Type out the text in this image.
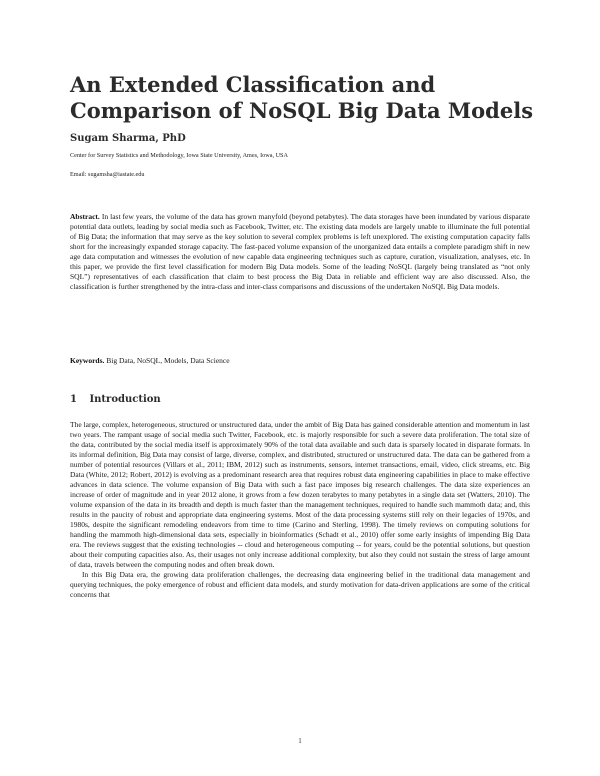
An Extended Classification and Comparison of NoSQL Big Data Models
Sugam Sharma, PhD
Center for Survey Statistics and Methodology, Iowa State University, Ames, Iowa, USA
Email: sugamsha@iastate.edu
Abstract. In last few years, the volume of the data has grown manyfold (beyond petabytes). The data storages have been inundated by various disparate potential data outlets, leading by social media such as Facebook, Twitter, etc. The existing data models are largely unable to illuminate the full potential of Big Data; the information that may serve as the key solution to several complex problems is left unexplored. The existing computation capacity falls short for the increasingly expanded storage capacity. The fast-paced volume expansion of the unorganized data entails a complete paradigm shift in new age data computation and witnesses the evolution of new capable data engineering techniques such as capture, curation, visualization, analyses, etc. In this paper, we provide the first level classification for modern Big Data models. Some of the leading NoSQL (largely being translated as “not only SQL”) representatives of each classification that claim to best process the Big Data in reliable and efficient way are also discussed. Also, the classification is further strengthened by the intra-class and inter-class comparisons and discussions of the undertaken NoSQL Big Data models.
Keywords. Big Data, NoSQL, Models, Data Science
1 Introduction

The large, complex, heterogeneous, structured or unstructured data, under the ambit of Big Data has gained considerable attention and momentum in last two years. The rampant usage of social media such Twitter, Facebook, etc. is majorly responsible for such a severe data proliferation. The total size of the data, contributed by the social media itself is approximately 90% of the total data available and such data is sparsely located in disparate formats. In its informal definition, Big Data may consist of large, diverse, complex, and distributed, structured or unstructured data. The data can be gathered from a number of potential resources (Villars et al., 2011; IBM, 2012) such as instruments, sensors, internet transactions, email, video, click streams, etc. Big Data (White, 2012; Robert, 2012) is evolving as a predominant research area that requires robust data engineering capabilities in place to make effective advances in data science. The volume expansion of Big Data with such a fast pace imposes big research challenges. The data size experiences an increase of order of magnitude and in year 2012 alone, it grows from a few dozen terabytes to many petabytes in a single data set (Watters, 2010). The volume expansion of the data in its breadth and depth is much faster than the management techniques, required to handle such mammoth data; and, this results in the paucity of robust and appropriate data engineering systems. Most of the data processing systems still rely on their legacies of 1970s, and 1980s, despite the significant remodeling endeavors from time to time (Carino and Sterling, 1998). The timely reviews on computing solutions for handling the mammoth high-dimensional data sets, especially in bioinformatics (Schadt et al., 2010) offer some early insights of impending Big Data era. The reviews suggest that the existing technologies -- cloud and heterogeneous computing -- for years, could be the potential solutions, but question about their computing capacities also. As, their usages not only increase additional complexity, but also they could not sustain the stress of large amount of data, travels between the computing nodes and often break down.

In this Big Data era, the growing data proliferation challenges, the decreasing data engineering belief in the traditional data management and querying techniques, the poky emergence of robust and efficient data models, and sturdy motivation for data-driven applications are some of the critical concerns that

1
